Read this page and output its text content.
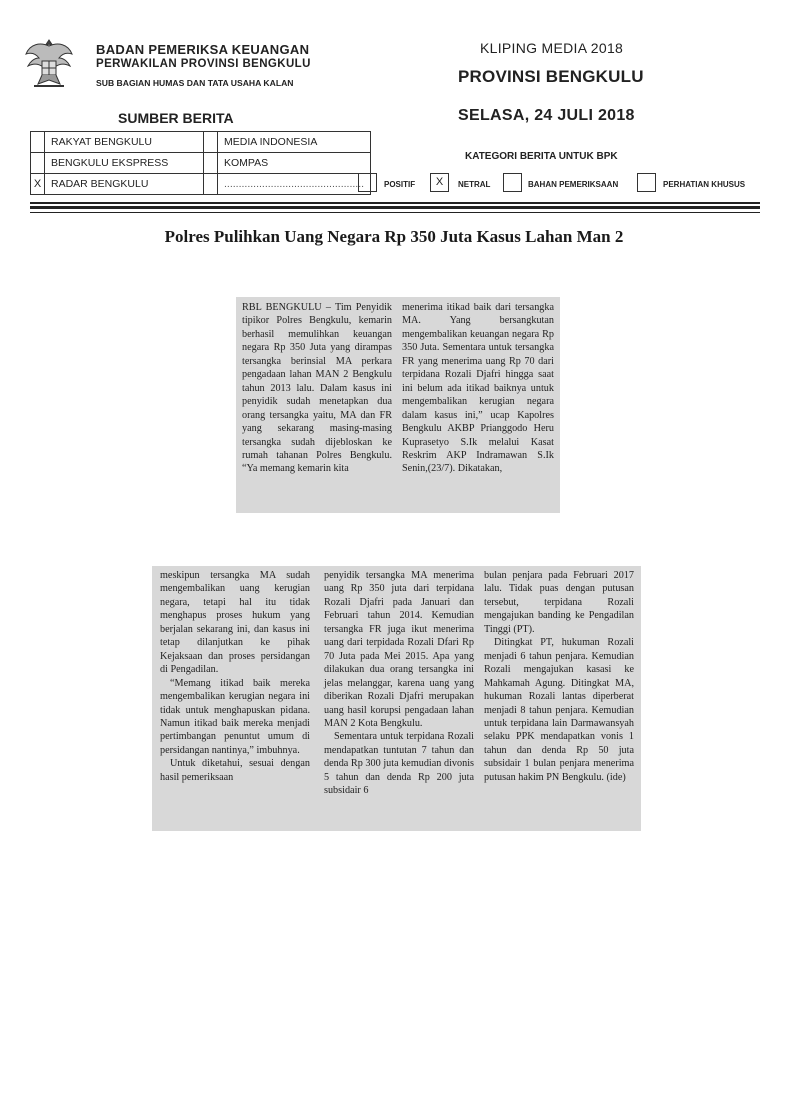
BADAN PEMERIKSA KEUANGAN
PERWAKILAN PROVINSI BENGKULU
SUB BAGIAN HUMAS DAN TATA USAHA KALAN
KLIPING MEDIA 2018
PROVINSI BENGKULU
SELASA, 24 JULI 2018
SUMBER BERITA
	RAKYAT BENGKULU		MEDIA INDONESIA
	BENGKULU EKSPRESS		KOMPAS
X	RADAR BENGKULU		................................................
KATEGORI BERITA UNTUK BPK
POSITIF	X	NETRAL	BAHAN PEMERIKSAAN	PERHATIAN KHUSUS
Polres Pulihkan Uang Negara Rp 350 Juta Kasus Lahan Man 2
RBL BENGKULU – Tim Penyidik tipikor Polres Bengkulu, kemarin berhasil memulihkan keuangan negara Rp 350 Juta yang dirampas tersangka berinsial MA perkara pengadaan lahan MAN 2 Bengkulu tahun 2013 lalu. Dalam kasus ini penyidik sudah menetapkan dua orang tersangka yaitu, MA dan FR yang sekarang masing-masing tersangka sudah dijebloskan ke rumah tahanan Polres Bengkulu. “Ya memang kemarin kita
menerima itikad baik dari tersangka MA. Yang bersangkutan mengembalikan keuangan negara Rp 350 Juta. Sementara untuk tersangka FR yang menerima uang Rp 70 dari terpidana Rozali Djafri hingga saat ini belum ada itikad baiknya untuk mengembalikan kerugian negara dalam kasus ini,” ucap Kapolres Bengkulu AKBP Prianggodo Heru Kuprasetyo S.Ik melalui Kasat Reskrim AKP Indramawan S.Ik Senin,(23/7). Dikatakan,

meskipun tersangka MA sudah mengembalikan uang kerugian negara, tetapi hal itu tidak menghapus proses hukum yang berjalan sekarang ini, dan kasus ini tetap dilanjutkan ke pihak Kejaksaan dan proses persidangan di Pengadilan.

“Memang itikad baik mereka mengembalikan kerugian negara ini tidak untuk menghapuskan pidana. Namun itikad baik mereka menjadi pertimbangan penuntut umum di persidangan nantinya,” imbuhnya.

Untuk diketahui, sesuai dengan hasil pemeriksaan

penyidik tersangka MA menerima uang Rp 350 juta dari terpidana Rozali Djafri pada Januari dan Februari tahun 2014. Kemudian tersangka FR juga ikut menerima uang dari terpidada Rozali Dfari Rp 70 Juta pada Mei 2015. Apa yang dilakukan dua orang tersangka ini jelas melanggar, karena uang yang diberikan Rozali Djafri merupakan uang hasil korupsi pengadaan lahan MAN 2 Kota Bengkulu.

Sementara untuk terpidana Rozali mendapatkan tuntutan 7 tahun dan denda Rp 300 juta kemudian divonis 5 tahun dan denda Rp 200 juta subsidair 6

bulan penjara pada Februari 2017 lalu. Tidak puas dengan putusan tersebut, terpidana Rozali mengajukan banding ke Pengadilan Tinggi (PT).

Ditingkat PT, hukuman Rozali menjadi 6 tahun penjara. Kemudian Rozali mengajukan kasasi ke Mahkamah Agung. Ditingkat MA, hukuman Rozali lantas diperberat menjadi 8 tahun penjara. Kemudian untuk terpidana lain Darmawansyah selaku PPK mendapatkan vonis 1 tahun dan denda Rp 50 juta subsidair 1 bulan penjara menerima putusan hakim PN Bengkulu. (ide)
